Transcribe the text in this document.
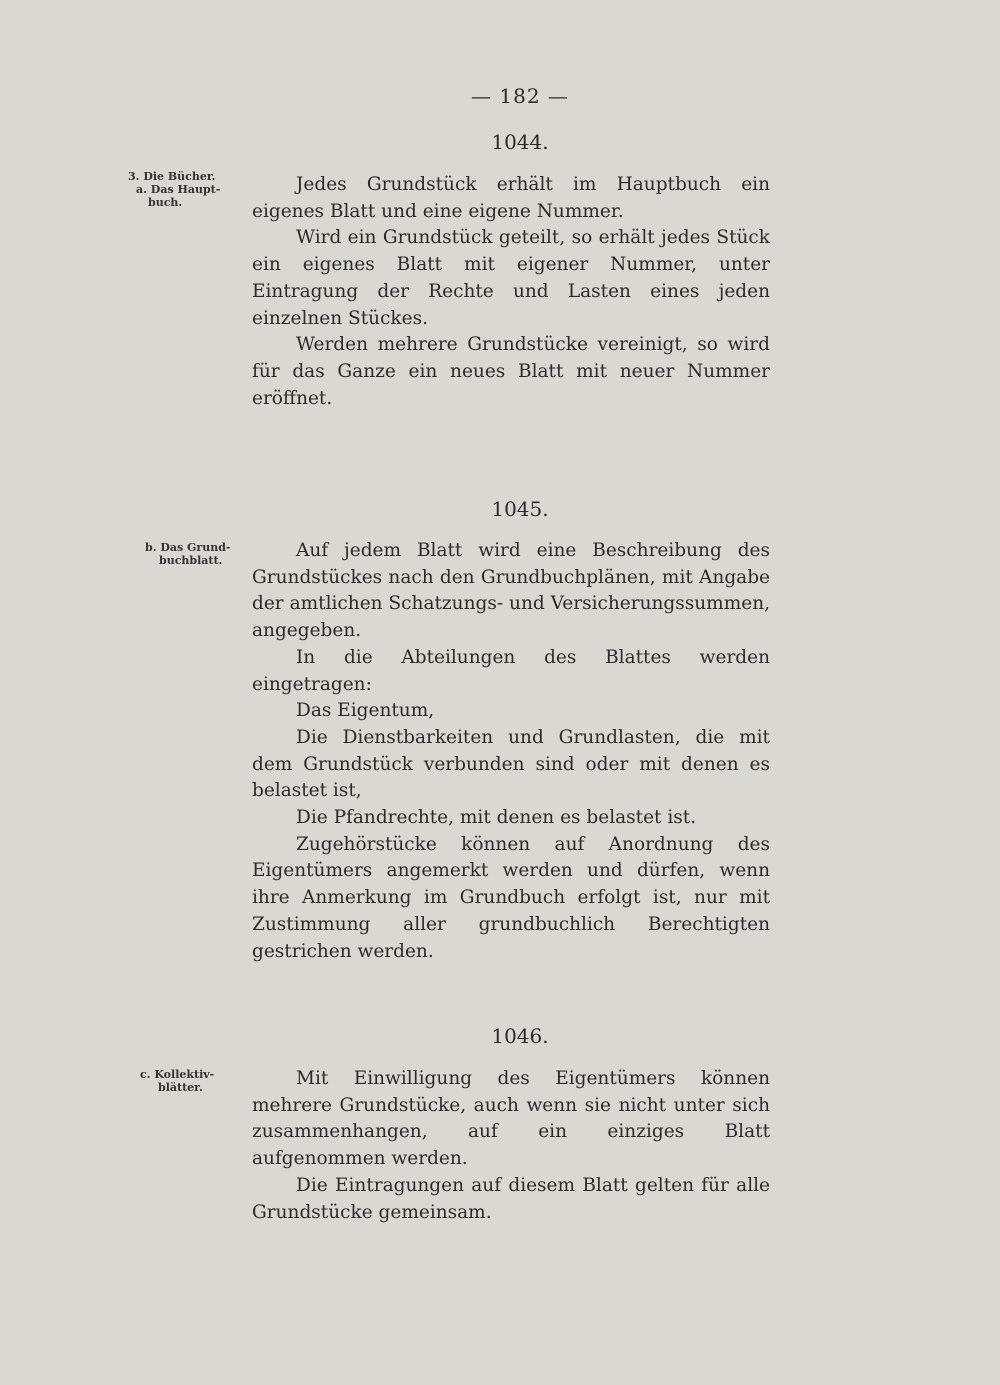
— 182 —
1044.
3. Die Bücher.
a. Das Haupt-
buch.

Jedes Grundstück erhält im Hauptbuch ein eigenes Blatt und eine eigene Nummer.

Wird ein Grundstück geteilt, so erhält jedes Stück ein eigenes Blatt mit eigener Nummer, unter Eintragung der Rechte und Lasten eines jeden einzelnen Stückes.

Werden mehrere Grundstücke vereinigt, so wird für das Ganze ein neues Blatt mit neuer Nummer eröffnet.

1045.
b. Das Grund-
buchblatt.	Auf jedem Blatt wird eine Beschreibung des Grundstückes nach den Grundbuchplänen, mit Angabe der amtlichen Schatzungs- und Versicherungssummen, angegeben.

In die Abteilungen des Blattes werden eingetragen:

Das Eigentum,

Die Dienstbarkeiten und Grundlasten, die mit dem Grundstück verbunden sind oder mit denen es belastet ist,

Die Pfandrechte, mit denen es belastet ist.

Zugehörstücke können auf Anordnung des Eigentümers angemerkt werden und dürfen, wenn ihre Anmerkung im Grundbuch erfolgt ist, nur mit Zustimmung aller grundbuchlich Berechtigten gestrichen werden.

1046.
c. Kollektiv-
blätter.	Mit Einwilligung des Eigentümers können mehrere Grundstücke, auch wenn sie nicht unter sich zusammenhangen, auf ein einziges Blatt aufgenommen werden.

Die Eintragungen auf diesem Blatt gelten für alle Grundstücke gemeinsam.
